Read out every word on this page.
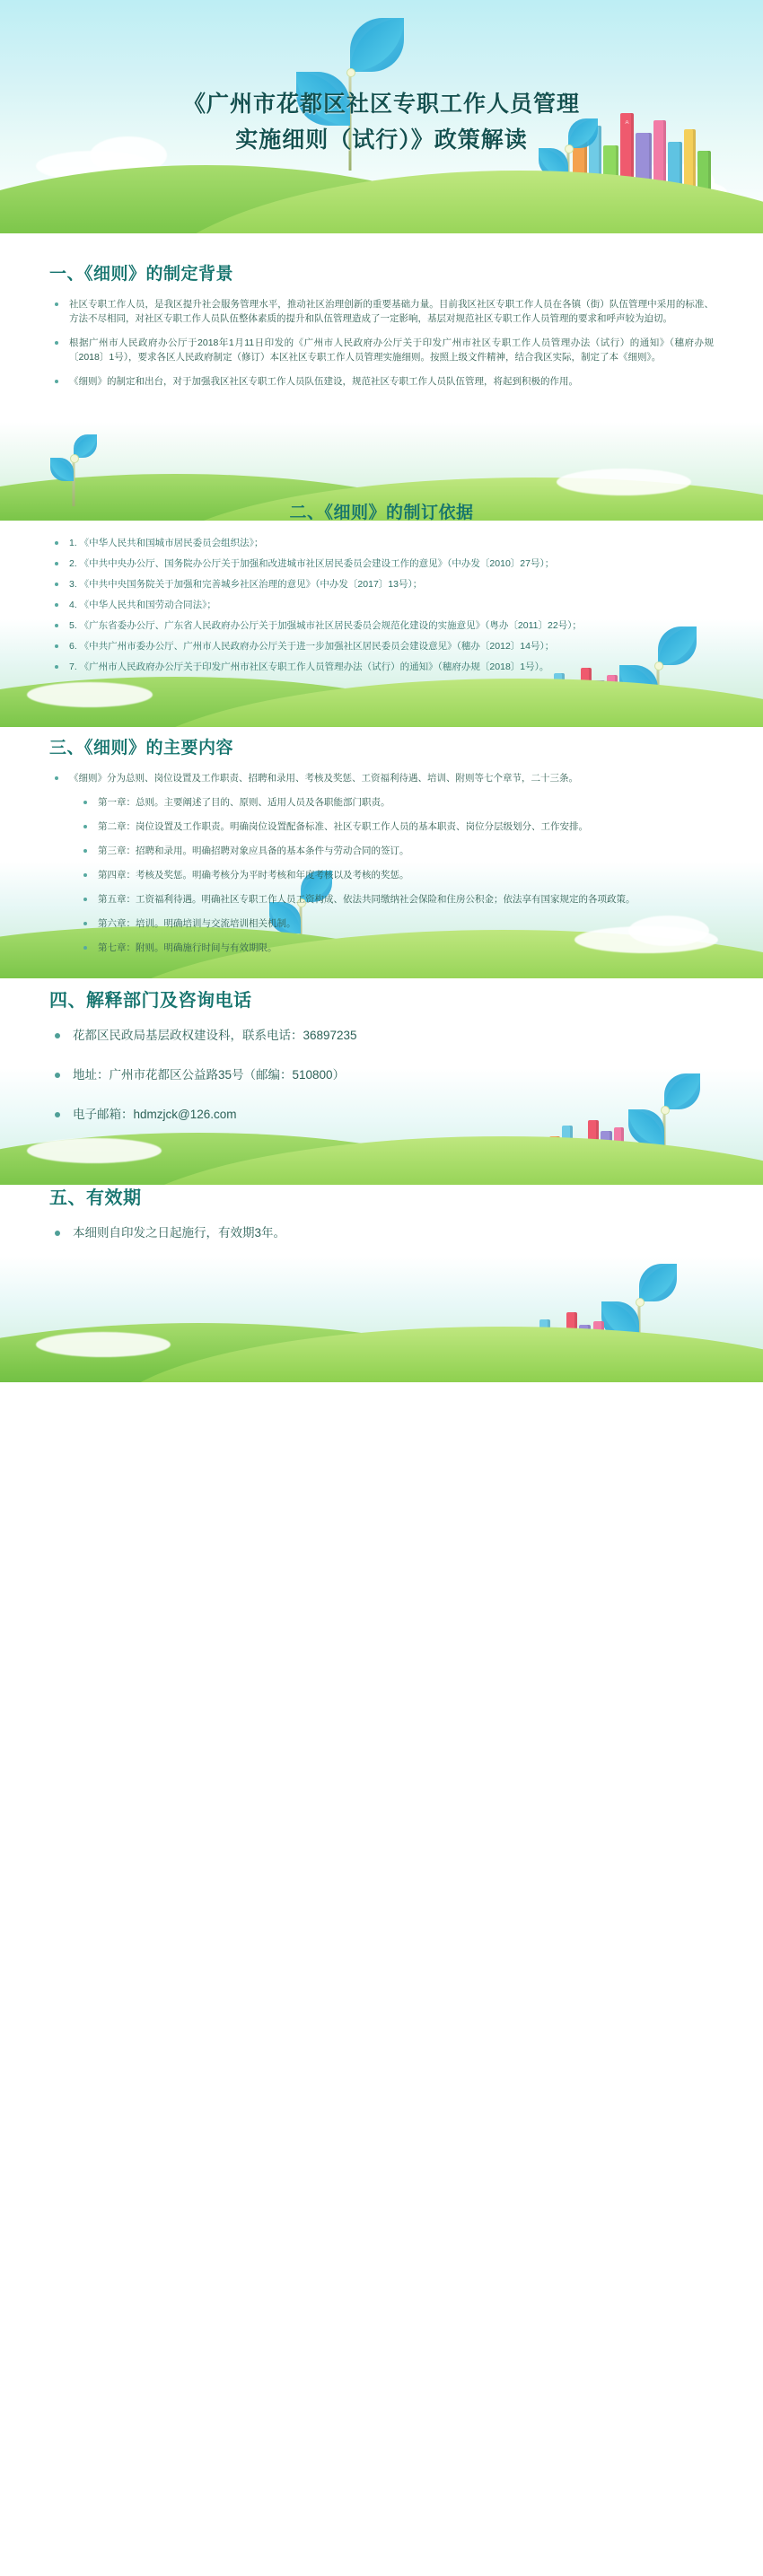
A
《广州市花都区社区专职工作人员管理
实施细则（试行）》政策解读
一、《细则》的制定背景
社区专职工作人员，是我区提升社会服务管理水平，推动社区治理创新的重要基础力量。目前我区社区专职工作人员在各镇（街）队伍管理中采用的标准、方法不尽相同，对社区专职工作人员队伍整体素质的提升和队伍管理造成了一定影响，基层对规范社区专职工作人员管理的要求和呼声较为迫切。
根据广州市人民政府办公厅于2018年1月11日印发的《广州市人民政府办公厅关于印发广州市社区专职工作人员管理办法（试行）的通知》（穗府办规〔2018〕1号），要求各区人民政府制定（修订）本区社区专职工作人员管理实施细则。按照上级文件精神，结合我区实际，制定了本《细则》。
《细则》的制定和出台，对于加强我区社区专职工作人员队伍建设，规范社区专职工作人员队伍管理，将起到积极的作用。
二、《细则》的制订依据
1. 《中华人民共和国城市居民委员会组织法》；
2. 《中共中央办公厅、国务院办公厅关于加强和改进城市社区居民委员会建设工作的意见》（中办发〔2010〕27号）；
3. 《中共中央国务院关于加强和完善城乡社区治理的意见》（中办发〔2017〕13号）；
4. 《中华人民共和国劳动合同法》；
5. 《广东省委办公厅、广东省人民政府办公厅关于加强城市社区居民委员会规范化建设的实施意见》（粤办〔2011〕22号）；
6. 《中共广州市委办公厅、广州市人民政府办公厅关于进一步加强社区居民委员会建设意见》（穗办〔2012〕14号）；
7. 《广州市人民政府办公厅关于印发广州市社区专职工作人员管理办法（试行）的通知》（穗府办规〔2018〕1号）。
三、《细则》的主要内容
《细则》分为总则、岗位设置及工作职责、招聘和录用、考核及奖惩、工资福利待遇、培训、附则等七个章节，二十三条。
第一章：总则。主要阐述了目的、原则、适用人员及各职能部门职责。
第二章：岗位设置及工作职责。明确岗位设置配备标准、社区专职工作人员的基本职责、岗位分层级划分、工作安排。
第三章：招聘和录用。明确招聘对象应具备的基本条件与劳动合同的签订。
第四章：考核及奖惩。明确考核分为平时考核和年度考核以及考核的奖惩。
第五章：工资福利待遇。明确社区专职工作人员工资构成、依法共同缴纳社会保险和住房公积金；依法享有国家规定的各项政策。
第六章：培训。明确培训与交流培训相关机制。
第七章：附则。明确施行时间与有效期限。
四、解释部门及咨询电话
花都区民政局基层政权建设科，联系电话：36897235
地址：广州市花都区公益路35号（邮编：510800）
电子邮箱：hdmzjck@126.com
五、有效期
本细则自印发之日起施行，有效期3年。
